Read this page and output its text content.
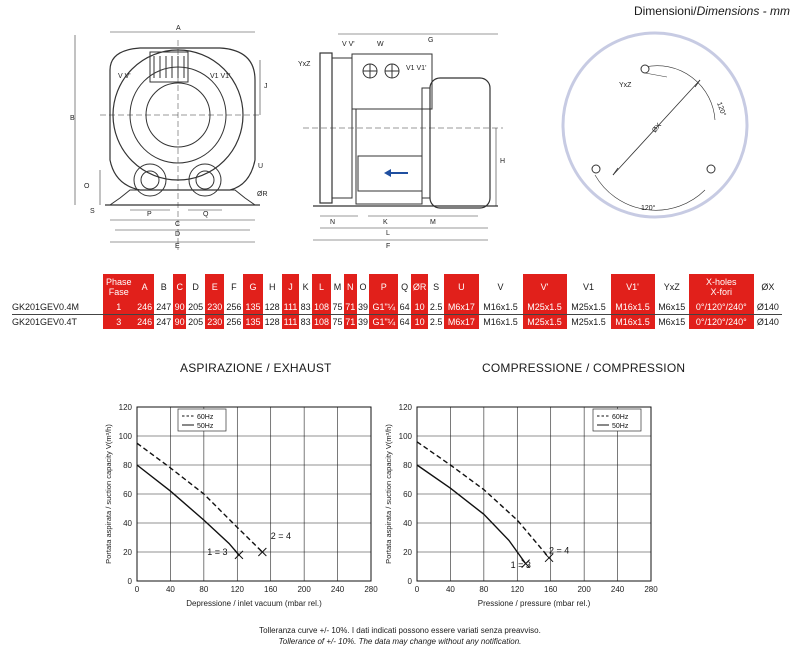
Dimensioni/Dimensions - mm
A
B
V V'	V1 V1'
J
U
O
ØR
S	P	Q
C
D
E
G
V V'	W
V1 V1'
YxZ
H
N	K	M
L
F
YxZ
ØX
120°
120°
	Phase
Fase	A	B	C	D	E	F	G	H	J	K	L	M	N	O	P	Q	ØR	S	U	V	V'	V1	V1'	YxZ	X-holes
X-fori	ØX
GK201GEV0.4M	1	246	247	90	205	230	256	135	128	111	83	108	75	71	39	G1"¼	64	10	2.5	M6x17	M16x1.5	M25x1.5	M25x1.5	M16x1.5	M6x15	0°/120°/240°	Ø140
GK201GEV0.4T	3	246	247	90	205	230	256	135	128	111	83	108	75	71	39	G1"¼	64	10	2.5	M6x17	M16x1.5	M25x1.5	M25x1.5	M16x1.5	M6x15	0°/120°/240°	Ø140
ASPIRAZIONE / EXHAUST	COMPRESSIONE / COMPRESSION
0	40	80	120	160	200	240	280
0
20
40
60
80
100
120
Depressione / inlet vacuum (mbar rel.)
Portata aspirata / suction capacity V(m³/h)	2 = 4
1 = 3
60Hz
50Hz
0	40	80	120	160	200	240	280
0
20
40
60
80
100
120
Pressione / pressure (mbar rel.)
Portata aspirata / suction capacity V(m³/h)	2 = 4
1 = 3
60Hz
50Hz
Tolleranza curve +/- 10%. I dati indicati possono essere variati senza preavviso.
Tollerance of +/- 10%. The data may change without any notification.
